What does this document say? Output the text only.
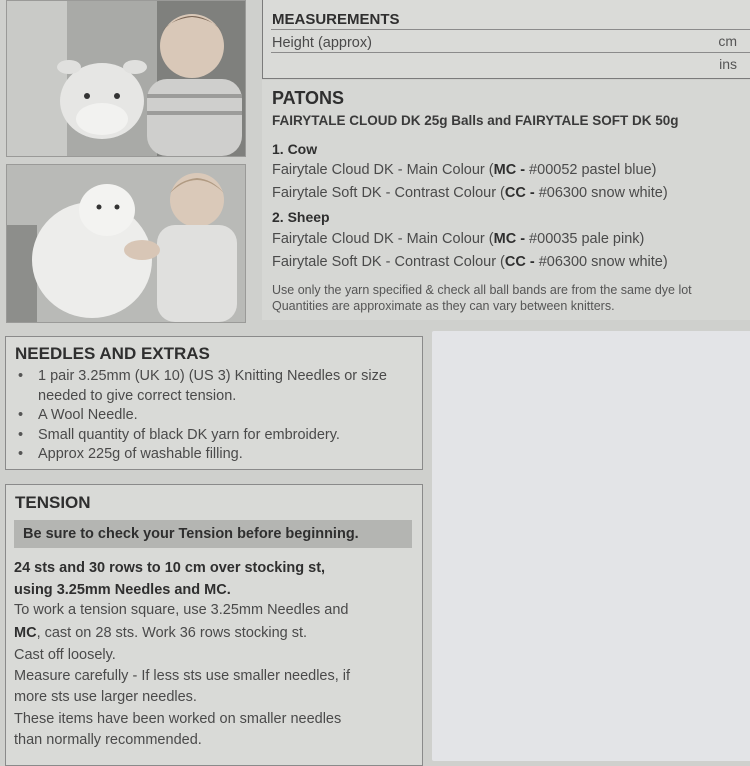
MEASUREMENTS
Height (approx)	cm
ins
PATONS
FAIRYTALE CLOUD DK 25g Balls and FAIRYTALE SOFT DK 50g
1. Cow
Fairytale Cloud DK - Main Colour (MC - #00052 pastel blue)
Fairytale Soft DK - Contrast Colour (CC - #06300 snow white)
2. Sheep
Fairytale Cloud DK - Main Colour (MC - #00035 pale pink)
Fairytale Soft DK - Contrast Colour (CC - #06300 snow white)
Use only the yarn specified & check all ball bands are from the same dye lot
Quantities are approximate as they can vary between knitters.
NEEDLES AND EXTRAS
• 1 pair 3.25mm (UK 10) (US 3) Knitting Needles or size needed to give correct tension.
• A Wool Needle.
• Small quantity of black DK yarn for embroidery.
• Approx 225g of washable filling.
TENSION
Be sure to check your Tension before beginning.
24 sts and 30 rows to 10 cm over stocking st,
using 3.25mm Needles and MC.
To work a tension square, use 3.25mm Needles and
MC, cast on 28 sts. Work 36 rows stocking st.
Cast off loosely.
Measure carefully - If less sts use smaller needles, if
more sts use larger needles.
These items have been worked on smaller needles
than normally recommended.
